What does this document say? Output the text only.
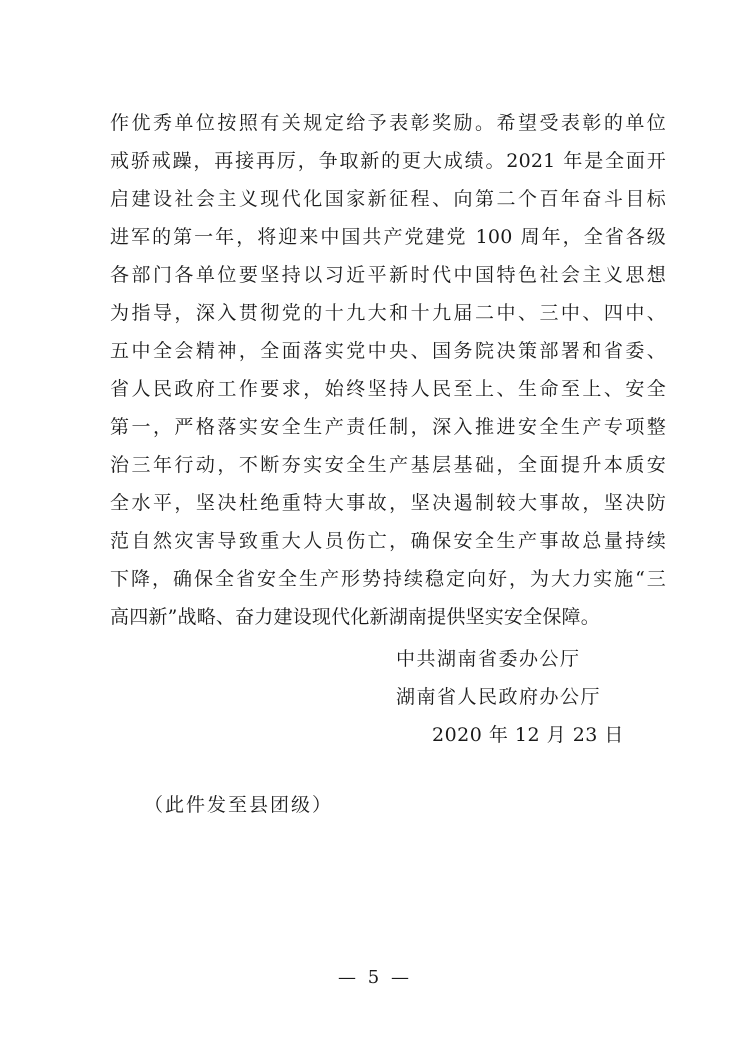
作优秀单位按照有关规定给予表彰奖励。希望受表彰的单位
戒骄戒躁，再接再厉，争取新的更大成绩。2021 年是全面开
启建设社会主义现代化国家新征程、向第二个百年奋斗目标
进军的第一年，将迎来中国共产党建党 100 周年，全省各级
各部门各单位要坚持以习近平新时代中国特色社会主义思想
为指导，深入贯彻党的十九大和十九届二中、三中、四中、
五中全会精神，全面落实党中央、国务院决策部署和省委、
省人民政府工作要求，始终坚持人民至上、生命至上、安全
第一，严格落实安全生产责任制，深入推进安全生产专项整
治三年行动，不断夯实安全生产基层基础，全面提升本质安
全水平，坚决杜绝重特大事故，坚决遏制较大事故，坚决防
范自然灾害导致重大人员伤亡，确保安全生产事故总量持续
下降，确保全省安全生产形势持续稳定向好，为大力实施“三
高四新”战略、奋力建设现代化新湖南提供坚实安全保障。
中共湖南省委办公厅
湖南省人民政府办公厅
2020 年 12 月 23 日
（此件发至县团级）
— 5 —
